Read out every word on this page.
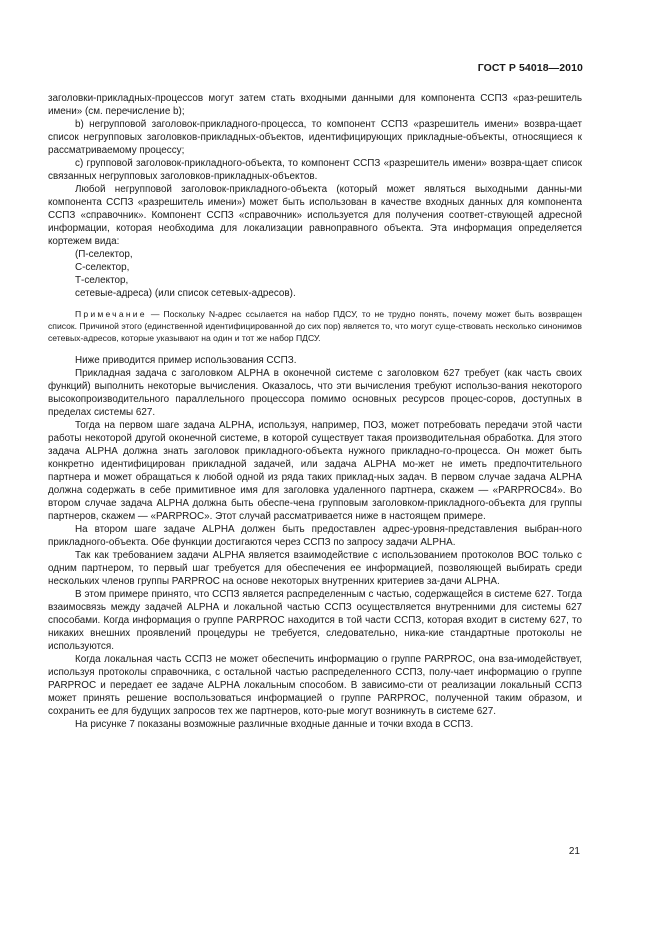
ГОСТ Р 54018—2010

заголовки-прикладных-процессов могут затем стать входными данными для компонента ССПЗ «раз-решитель имени» (см. перечисление b);

b) негрупповой заголовок-прикладного-процесса, то компонент ССПЗ «разрешитель имени» возвра-щает список негрупповых заголовков-прикладных-объектов, идентифицирующих прикладные-объекты, относящиеся к рассматриваемому процессу;

с) групповой заголовок-прикладного-объекта, то компонент ССПЗ «разрешитель имени» возвра-щает список связанных негрупповых заголовков-прикладных-объектов.

Любой негрупповой заголовок-прикладного-объекта (который может являться выходными данны-ми компонента ССПЗ «разрешитель имени») может быть использован в качестве входных данных для компонента ССПЗ «справочник». Компонент ССПЗ «справочник» используется для получения соответ-ствующей адресной информации, которая необходима для локализации равноправного объекта. Эта информация определяется кортежем вида:

(П-селектор,

С-селектор,

Т-селектор,

сетевые-адреса) (или список сетевых-адресов).

Примечание — Поскольку N-адрес ссылается на набор ПДСУ, то не трудно понять, почему может быть возвращен список. Причиной этого (единственной идентифицированной до сих пор) является то, что могут суще-ствовать несколько синонимов сетевых-адресов, которые указывают на один и тот же набор ПДСУ.

Ниже приводится пример использования ССПЗ.

Прикладная задача с заголовком ALPHA в оконечной системе с заголовком 627 требует (как часть своих функций) выполнить некоторые вычисления. Оказалось, что эти вычисления требуют использо-вания некоторого высокопроизводительного параллельного процессора помимо основных ресурсов процес-соров, доступных в пределах системы 627.

Тогда на первом шаге задача ALPHA, используя, например, ПОЗ, может потребовать передачи этой части работы некоторой другой оконечной системе, в которой существует такая производительная обработка. Для этого задача ALPHA должна знать заголовок прикладного-объекта нужного прикладно-го-процесса. Он может быть конкретно идентифицирован прикладной задачей, или задача ALPHA мо-жет не иметь предпочтительного партнера и может обращаться к любой одной из ряда таких приклад-ных задач. В первом случае задача ALPHA должна содержать в себе примитивное имя для заголовка удаленного партнера, скажем — «PARPROC84». Во втором случае задача ALPHA должна быть обеспе-чена групповым заголовком-прикладного-объекта для группы партнеров, скажем — «PARPROC». Этот случай рассматривается ниже в настоящем примере.

На втором шаге задаче ALPHA должен быть предоставлен адрес-уровня-представления выбран-ного прикладного-объекта. Обе функции достигаются через ССПЗ по запросу задачи ALPHA.

Так как требованием задачи ALPHA является взаимодействие с использованием протоколов ВОС только с одним партнером, то первый шаг требуется для обеспечения ее информацией, позволяющей выбирать среди нескольких членов группы PARPROC на основе некоторых внутренних критериев за-дачи ALPHA.

В этом примере принято, что ССПЗ является распределенным с частью, содержащейся в системе 627. Тогда взаимосвязь между задачей ALPHA и локальной частью ССПЗ осуществляется внутренними для системы 627 способами. Когда информация о группе PARPROC находится в той части ССПЗ, которая входит в систему 627, то никаких внешних проявлений процедуры не требуется, следовательно, ника-кие стандартные протоколы не используются.

Когда локальная часть ССПЗ не может обеспечить информацию о группе PARPROC, она вза-имодействует, используя протоколы справочника, с остальной частью распределенного ССПЗ, полу-чает информацию о группе PARPROC и передает ее задаче ALPHA локальным способом. В зависимо-сти от реализации локальный ССПЗ может принять решение воспользоваться информацией о группе PARPROC, полученной таким образом, и сохранить ее для будущих запросов тех же партнеров, кото-рые могут возникнуть в системе 627.

На рисунке 7 показаны возможные различные входные данные и точки входа в ССПЗ.

21
